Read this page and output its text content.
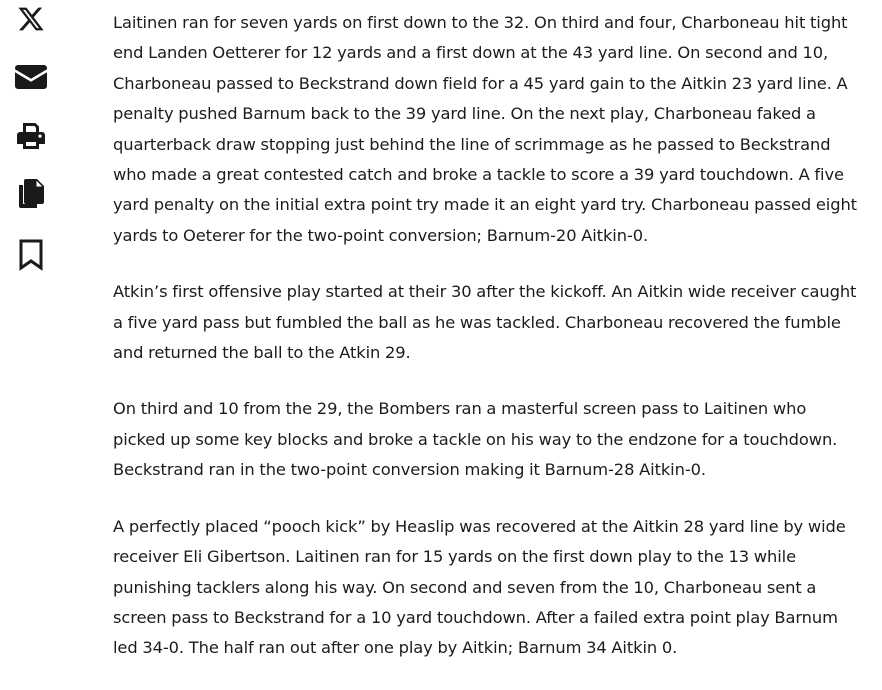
Laitinen ran for seven yards on first down to the 32. On third and four, Charboneau hit tight end Landen Oetterer for 12 yards and a first down at the 43 yard line. On second and 10, Charboneau passed to Beckstrand down field for a 45 yard gain to the Aitkin 23 yard line. A penalty pushed Barnum back to the 39 yard line. On the next play, Charboneau faked a quarterback draw stopping just behind the line of scrimmage as he passed to Beckstrand who made a great contested catch and broke a tackle to score a 39 yard touchdown. A five yard penalty on the initial extra point try made it an eight yard try. Charboneau passed eight yards to Oeterer for the two-point conversion; Barnum-20 Aitkin-0.

Atkin’s first offensive play started at their 30 after the kickoff. An Aitkin wide receiver caught a five yard pass but fumbled the ball as he was tackled. Charboneau recovered the fumble and returned the ball to the Atkin 29.

On third and 10 from the 29, the Bombers ran a masterful screen pass to Laitinen who picked up some key blocks and broke a tackle on his way to the endzone for a touchdown. Beckstrand ran in the two-point conversion making it Barnum-28 Aitkin-0.

A perfectly placed “pooch kick” by Heaslip was recovered at the Aitkin 28 yard line by wide receiver Eli Gibertson. Laitinen ran for 15 yards on the first down play to the 13 while punishing tacklers along his way. On second and seven from the 10, Charboneau sent a screen pass to Beckstrand for a 10 yard touchdown. After a failed extra point play Barnum led 34-0. The half ran out after one play by Aitkin; Barnum 34 Aitkin 0.
